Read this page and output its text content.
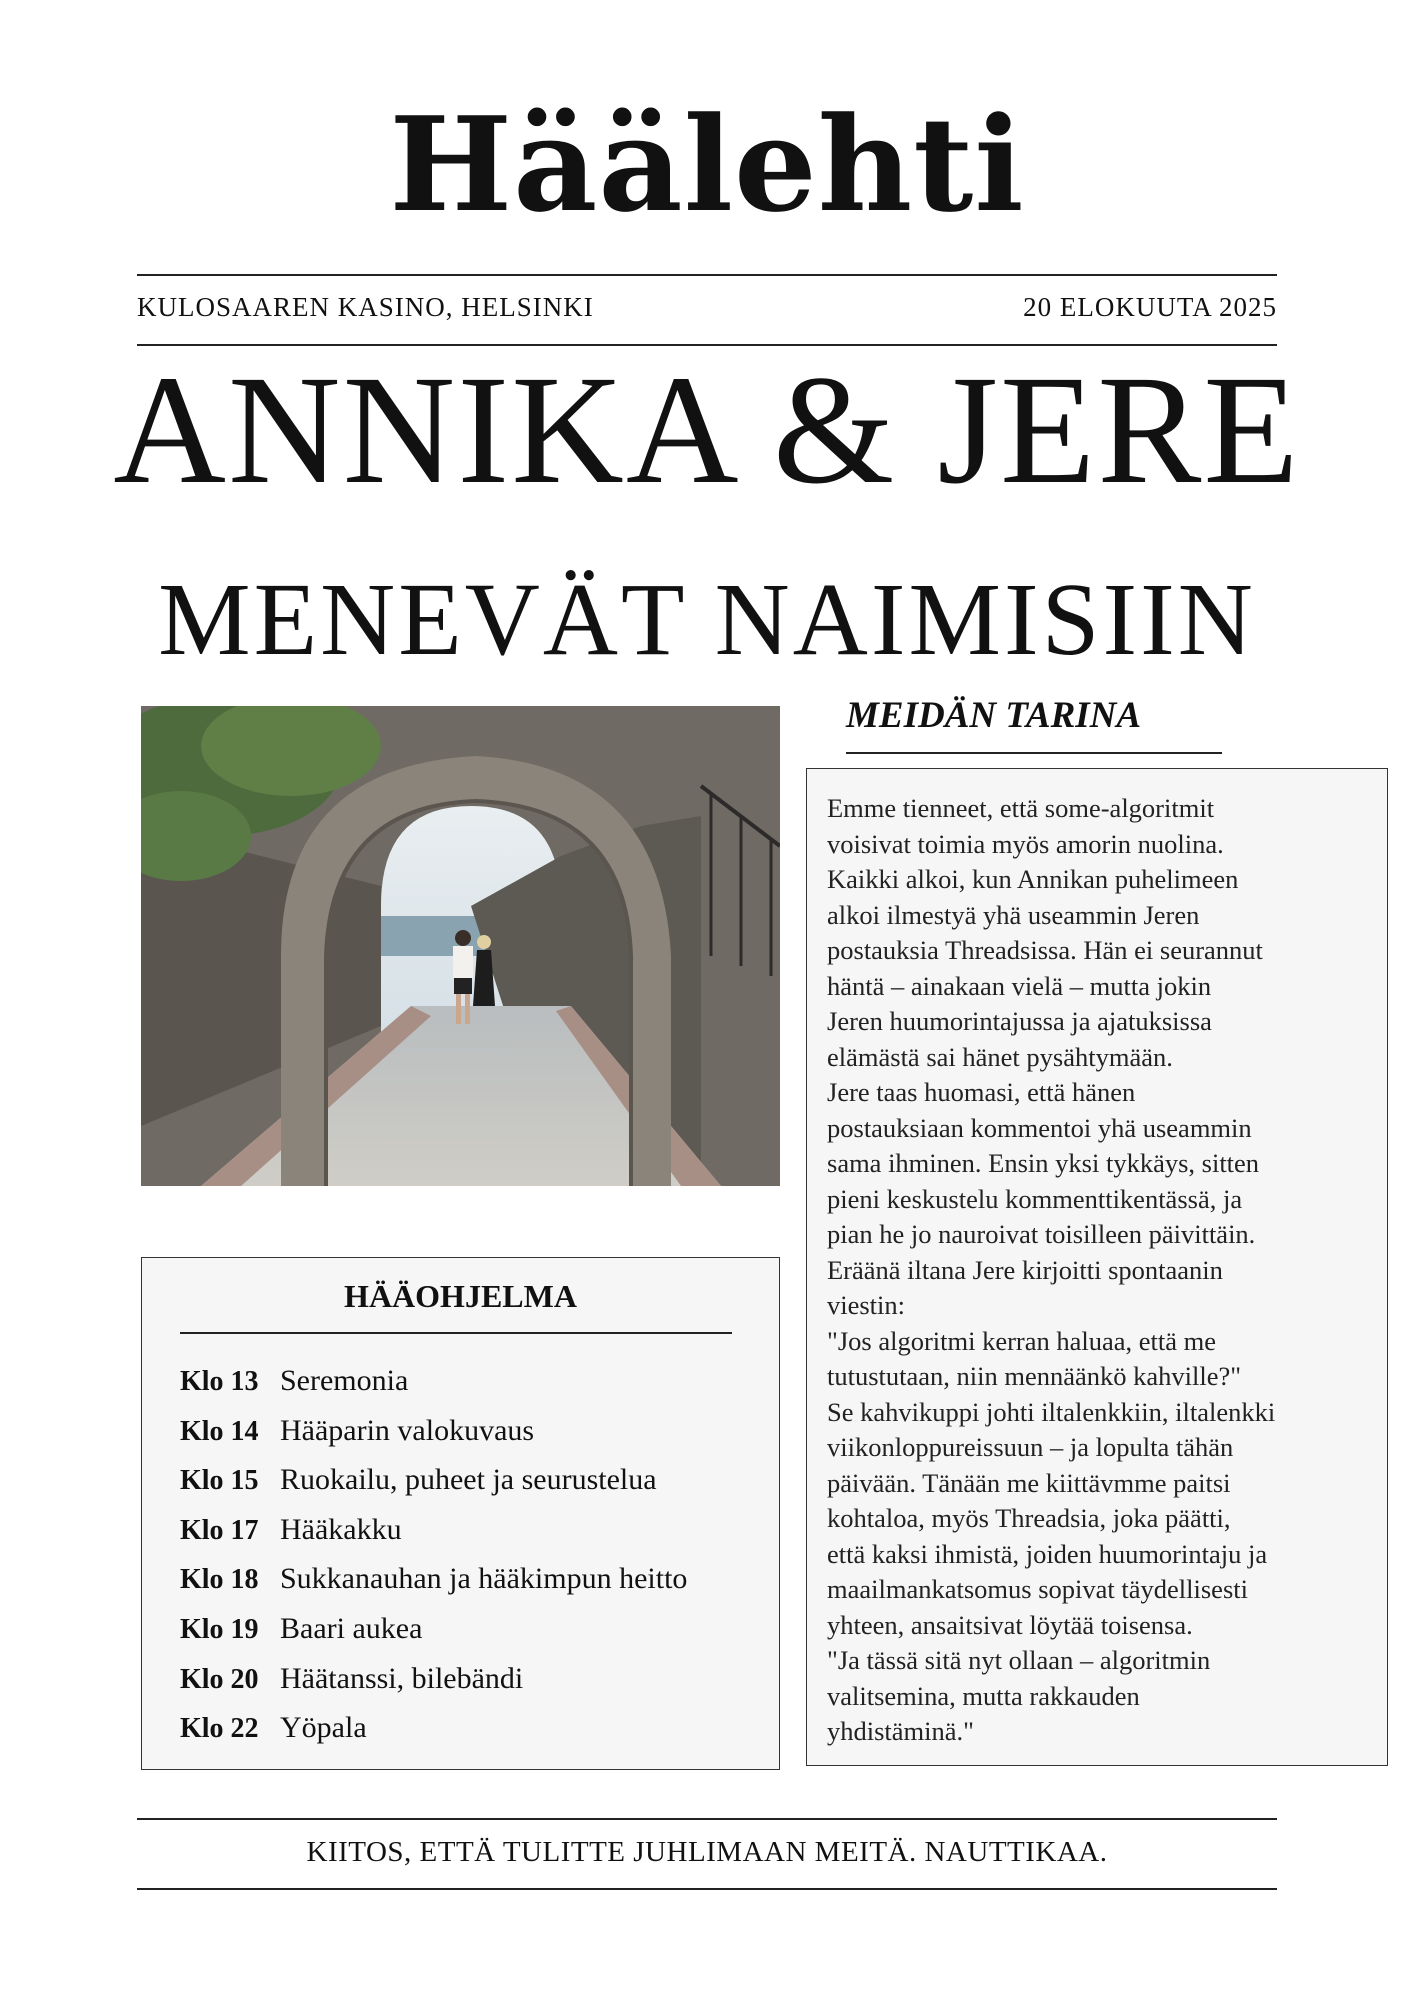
Häälehti
KULOSAAREN KASINO, HELSINKI	20 ELOKUUTA 2025
ANNIKA & JERE
MENEVÄT NAIMISIIN
MEIDÄN TARINA

Emme tienneet, että some-algoritmit
voisivat toimia myös amorin nuolina.
Kaikki alkoi, kun Annikan puhelimeen
alkoi ilmestyä yhä useammin Jeren
postauksia Threadsissa. Hän ei seurannut
häntä – ainakaan vielä – mutta jokin
Jeren huumorintajussa ja ajatuksissa
elämästä sai hänet pysähtymään.

Jere taas huomasi, että hänen
postauksiaan kommentoi yhä useammin
sama ihminen. Ensin yksi tykkäys, sitten
pieni keskustelu kommenttikentässä, ja
pian he jo nauroivat toisilleen päivittäin.
Eräänä iltana Jere kirjoitti spontaanin
viestin:

"Jos algoritmi kerran haluaa, että me
tutustutaan, niin mennäänkö kahville?"
Se kahvikuppi johti iltalenkkiin, iltalenkki
viikonloppureissuun – ja lopulta tähän
päivään. Tänään me kiittävmme paitsi
kohtaloa, myös Threadsia, joka päätti,
että kaksi ihmistä, joiden huumorintaju ja
maailmankatsomus sopivat täydellisesti
yhteen, ansaitsivat löytää toisensa.

"Ja tässä sitä nyt ollaan – algoritmin
valitsemina, mutta rakkauden
yhdistäminä."

HÄÄOHJELMA
Klo 13 Seremonia
Klo 14 Hääparin valokuvaus
Klo 15 Ruokailu, puheet ja seurustelua
Klo 17 Hääkakku
Klo 18 Sukkanauhan ja hääkimpun heitto
Klo 19 Baari aukea
Klo 20 Häätanssi, bilebändi
Klo 22 Yöpala
KIITOS, ETTÄ TULITTE JUHLIMAAN MEITÄ. NAUTTIKAA.
